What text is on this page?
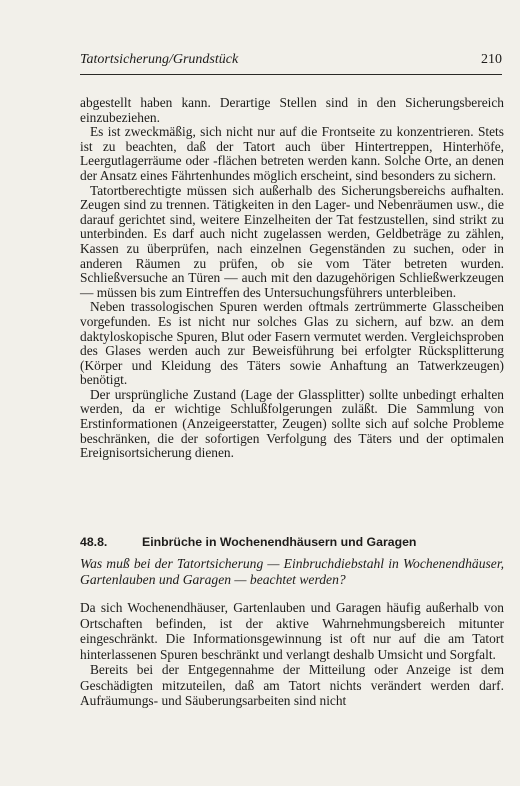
Tatortsicherung/Grundstück	210

abgestellt haben kann. Derartige Stellen sind in den Sicherungsbereich einzubeziehen.

Es ist zweckmäßig, sich nicht nur auf die Frontseite zu konzentrieren. Stets ist zu beachten, daß der Tatort auch über Hintertreppen, Hinterhöfe, Leergutlagerräume oder -flächen betreten werden kann. Solche Orte, an denen der Ansatz eines Fährtenhundes möglich erscheint, sind besonders zu sichern.

Tatortberechtigte müssen sich außerhalb des Sicherungsbereichs aufhalten. Zeugen sind zu trennen. Tätigkeiten in den Lager- und Nebenräumen usw., die darauf gerichtet sind, weitere Einzelheiten der Tat festzustellen, sind strikt zu unterbinden. Es darf auch nicht zugelassen werden, Geldbeträge zu zählen, Kassen zu überprüfen, nach einzelnen Gegenständen zu suchen, oder in anderen Räumen zu prüfen, ob sie vom Täter betreten wurden. Schließversuche an Türen — auch mit den dazugehörigen Schließwerkzeugen — müssen bis zum Eintreffen des Untersuchungsführers unterbleiben.

Neben trassologischen Spuren werden oftmals zertrümmerte Glasscheiben vorgefunden. Es ist nicht nur solches Glas zu sichern, auf bzw. an dem daktyloskopische Spuren, Blut oder Fasern vermutet werden. Vergleichsproben des Glases werden auch zur Beweisführung bei erfolgter Rücksplitterung (Körper und Kleidung des Täters sowie Anhaftung an Tatwerkzeugen) benötigt.

Der ursprüngliche Zustand (Lage der Glassplitter) sollte unbedingt erhalten werden, da er wichtige Schlußfolgerungen zuläßt. Die Sammlung von Erstinformationen (Anzeigeerstatter, Zeugen) sollte sich auf solche Probleme beschränken, die der sofortigen Verfolgung des Täters und der optimalen Ereignisortsicherung dienen.

48.8.	Einbrüche in Wochenendhäusern und Garagen
Was muß bei der Tatortsicherung — Einbruchdiebstahl in Wochenendhäuser, Gartenlauben und Garagen — beachtet werden?

Da sich Wochenendhäuser, Gartenlauben und Garagen häufig außerhalb von Ortschaften befinden, ist der aktive Wahrnehmungsbereich mitunter eingeschränkt. Die Informationsgewinnung ist oft nur auf die am Tatort hinterlassenen Spuren beschränkt und verlangt deshalb Umsicht und Sorgfalt.

Bereits bei der Entgegennahme der Mitteilung oder Anzeige ist dem Geschädigten mitzuteilen, daß am Tatort nichts verändert werden darf. Aufräumungs- und Säuberungsarbeiten sind nicht
